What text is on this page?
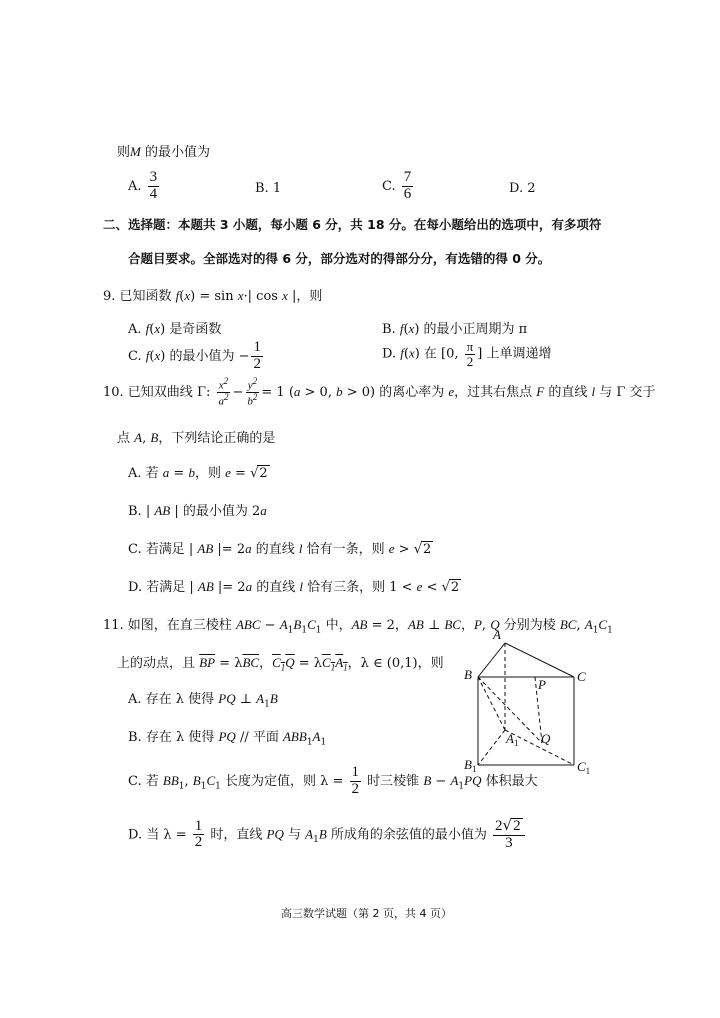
则M 的最小值为
A. $\frac{3}{4}$	B. 1	C. $\frac{7}{6}$	D. 2
二、选择题：本题共 3 小题，每小题 6 分，共 18 分。在每小题给出的选项中，有多项符
合题目要求。全部选对的得 6 分，部分选对的得部分分，有选错的得 0 分。
9. 已知函数 f(x) = sin x·| cos x |，则
A. f(x) 是奇函数	B. f(x) 的最小正周期为 π
C. f(x) 的最小值为 − $\frac{1}{2}$	D. f(x) 在 [0, $\frac{\pi}{2}$ ] 上单调递增
10. 已知双曲线 Γ: $\frac{x^2}{a^2} - \frac{y^2}{b^2} = 1$ (a > 0, b > 0) 的离心率为 e，过其右焦点 F 的直线 l 与 Γ 交于
点 A, B，下列结论正确的是
A. 若 a = b，则 e = √2
B. | AB | 的最小值为 2a
C. 若满足 | AB |= 2a 的直线 l 恰有一条，则 e > √2
D. 若满足 | AB |= 2a 的直线 l 恰有三条，则 1 < e < √2
11. 如图，在直三棱柱 ABC − $A_1B_1C_1$ 中，AB = 2，AB ⊥ BC，P, Q 分别为棱 BC, $A_1C_1$
上的动点，且 $\overline{BP} = \lambda\overline{BC}$，$C_1Q = \lambda C_1A_1$，λ ∈ (0,1)，则
A. 存在 λ 使得 PQ ⊥ $A_1B$
B. 存在 λ 使得 PQ // 平面 $ABB_1A_1$
C. 若 $BB_1$, $B_1C_1$ 长度为定值，则 $\lambda = \frac{1}{2}$ 时三棱锥 $B - A_1PQ$ 体积最大
D. 当 $\lambda = \frac{1}{2}$ 时，直线 PQ 与 $A_1B$ 所成角的余弦值的最小值为 $\frac{2√2}{3}$
A
B	C
P
$A_1$ Q
$B_1$	$C_1$
高三数学试题（第 2 页，共 4 页）
